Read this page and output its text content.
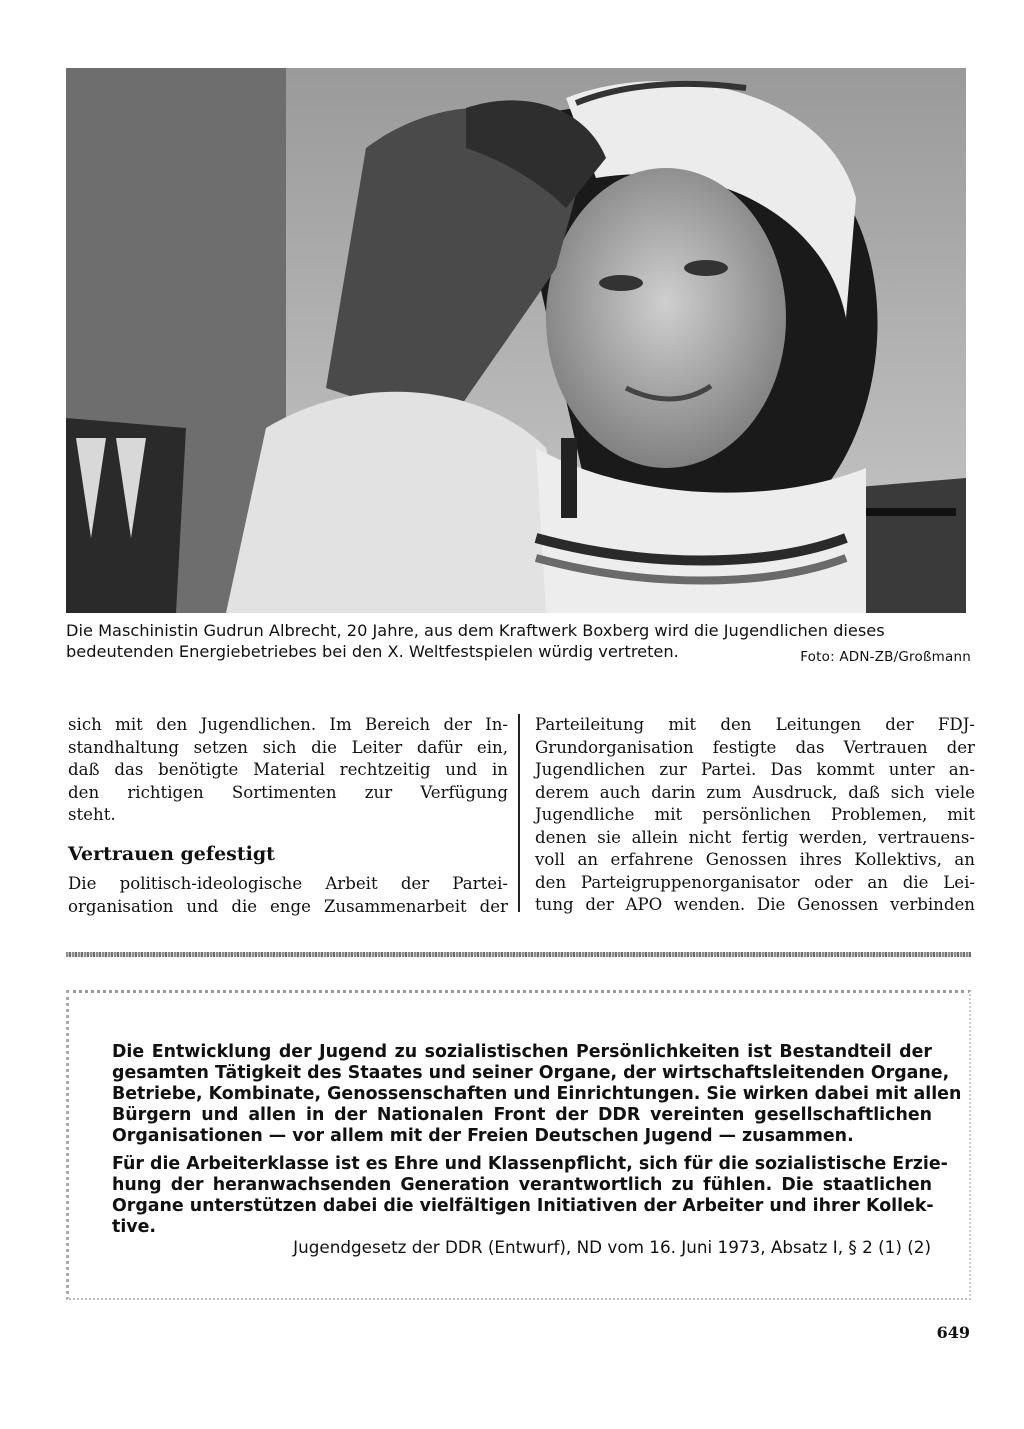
Die Maschinistin Gudrun Albrecht, 20 Jahre, aus dem Kraftwerk Boxberg wird die Jugendlichen dieses
bedeutenden Energiebetriebes bei den X. Weltfestspielen würdig vertreten.	Foto: ADN-ZB/Großmann

sich mit den Jugendlichen. Im Bereich der In-
standhaltung setzen sich die Leiter dafür ein,
daß das benötigte Material rechtzeitig und in
den richtigen Sortimenten zur Verfügung
steht.

Vertrauen gefestigt

Die politisch-ideologische Arbeit der Partei-
organisation und die enge Zusammenarbeit der

Parteileitung mit den Leitungen der FDJ-
Grundorganisation festigte das Vertrauen der
Jugendlichen zur Partei. Das kommt unter an-
derem auch darin zum Ausdruck, daß sich viele
Jugendliche mit persönlichen Problemen, mit
denen sie allein nicht fertig werden, vertrauens-
voll an erfahrene Genossen ihres Kollektivs, an
den Parteigruppenorganisator oder an die Lei-
tung der APO wenden. Die Genossen verbinden

Die Entwicklung der Jugend zu sozialistischen Persönlichkeiten ist Bestandteil der
gesamten Tätigkeit des Staates und seiner Organe, der wirtschaftsleitenden Organe,
Betriebe, Kombinate, Genossenschaften und Einrichtungen. Sie wirken dabei mit allen
Bürgern und allen in der Nationalen Front der DDR vereinten gesellschaftlichen
Organisationen — vor allem mit der Freien Deutschen Jugend — zusammen.
Für die Arbeiterklasse ist es Ehre und Klassenpflicht, sich für die sozialistische Erzie-
hung der heranwachsenden Generation verantwortlich zu fühlen. Die staatlichen
Organe unterstützen dabei die vielfältigen Initiativen der Arbeiter und ihrer Kollek-
tive.
Jugendgesetz der DDR (Entwurf), ND vom 16. Juni 1973, Absatz I, § 2 (1) (2)
649
